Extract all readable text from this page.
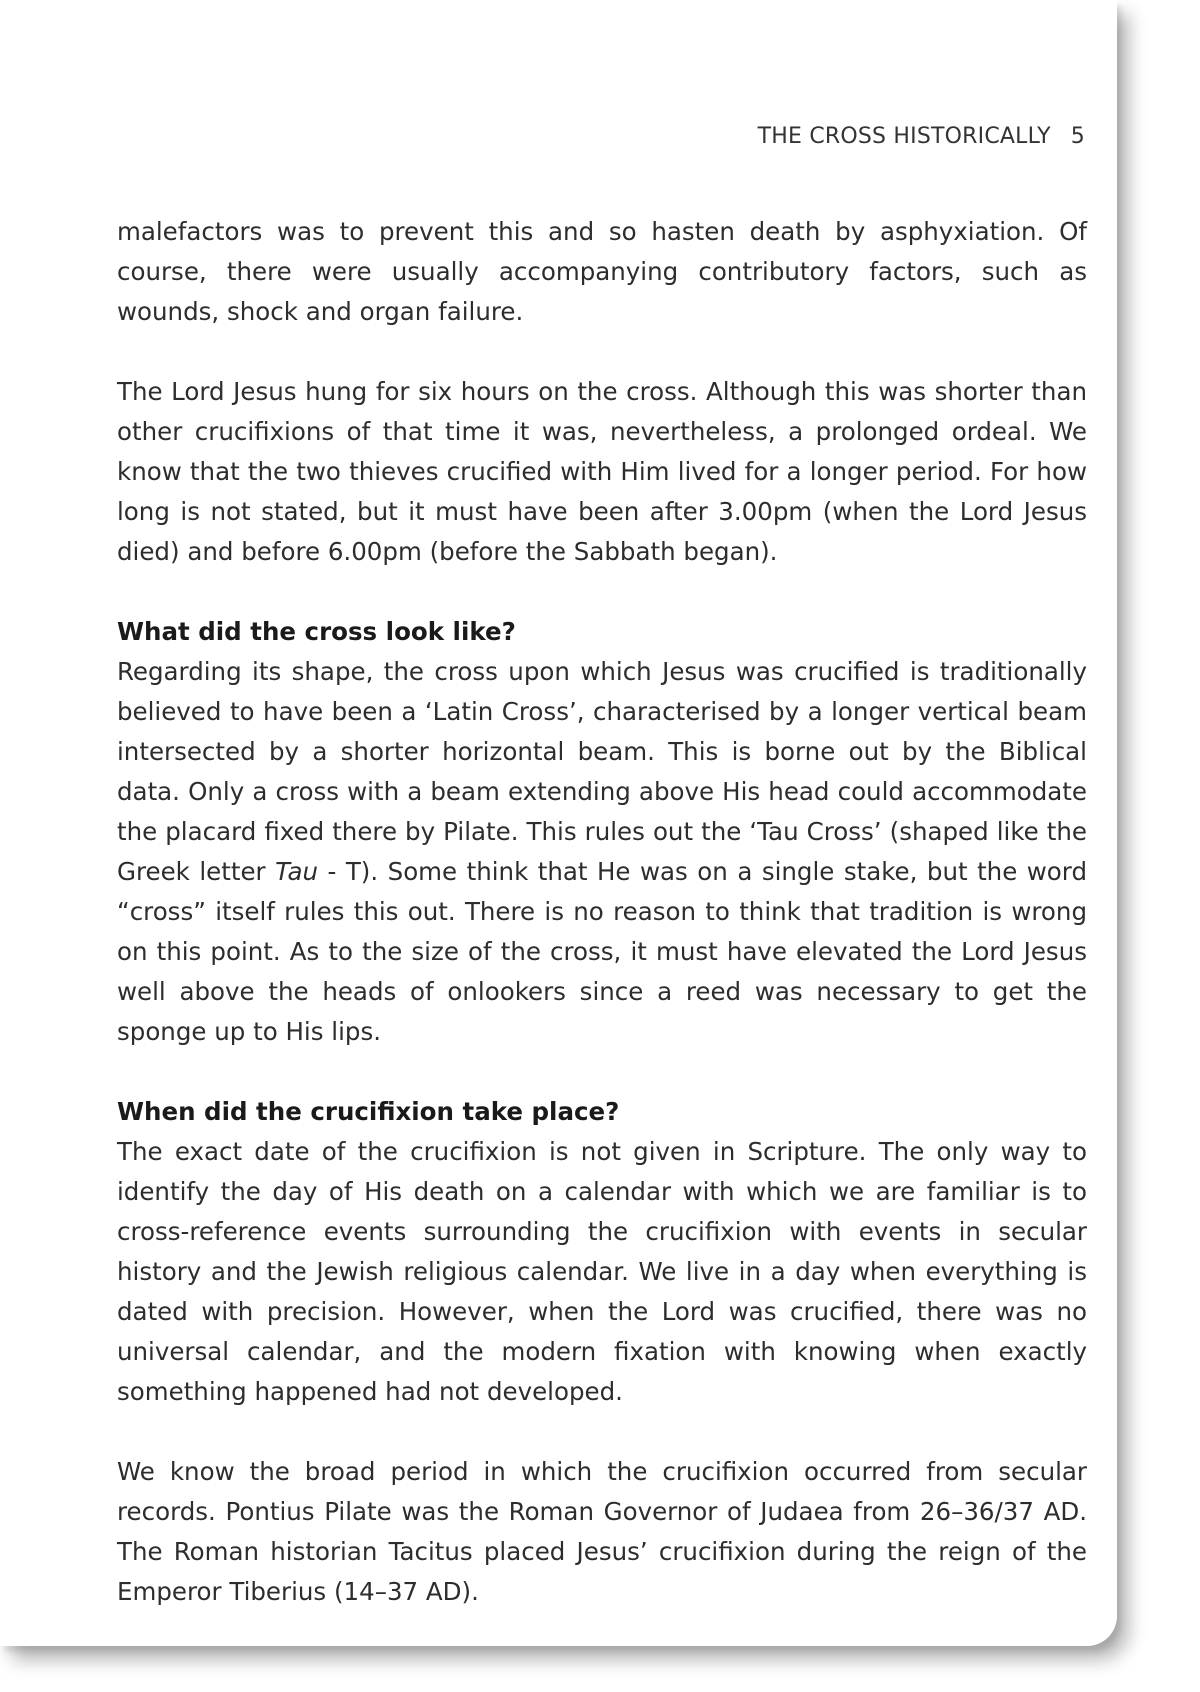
THE CROSS HISTORICALLY 5

malefactors was to prevent this and so hasten death by asphyxiation. Of course, there were usually accompanying contributory factors, such as wounds, shock and organ failure.

The Lord Jesus hung for six hours on the cross. Although this was shorter than other crucifixions of that time it was, nevertheless, a prolonged ordeal. We know that the two thieves crucified with Him lived for a longer period. For how long is not stated, but it must have been after 3.00pm (when the Lord Jesus died) and before 6.00pm (before the Sabbath began).

What did the cross look like?

Regarding its shape, the cross upon which Jesus was crucified is traditionally believed to have been a ‘Latin Cross’, characterised by a longer vertical beam intersected by a shorter horizontal beam. This is borne out by the Biblical data. Only a cross with a beam extending above His head could accommodate the placard fixed there by Pilate. This rules out the ‘Tau Cross’ (shaped like the Greek letter Tau - T). Some think that He was on a single stake, but the word “cross” itself rules this out. There is no reason to think that tradition is wrong on this point. As to the size of the cross, it must have elevated the Lord Jesus well above the heads of onlookers since a reed was necessary to get the sponge up to His lips.

When did the crucifixion take place?

The exact date of the crucifixion is not given in Scripture. The only way to identify the day of His death on a calendar with which we are familiar is to cross-reference events surrounding the crucifixion with events in secular history and the Jewish religious calendar. We live in a day when everything is dated with precision. However, when the Lord was crucified, there was no universal calendar, and the modern fixation with knowing when exactly something happened had not developed.

We know the broad period in which the crucifixion occurred from secular records. Pontius Pilate was the Roman Governor of Judaea from 26–36/37 AD. The Roman historian Tacitus placed Jesus’ crucifixion during the reign of the Emperor Tiberius (14–37 AD).
